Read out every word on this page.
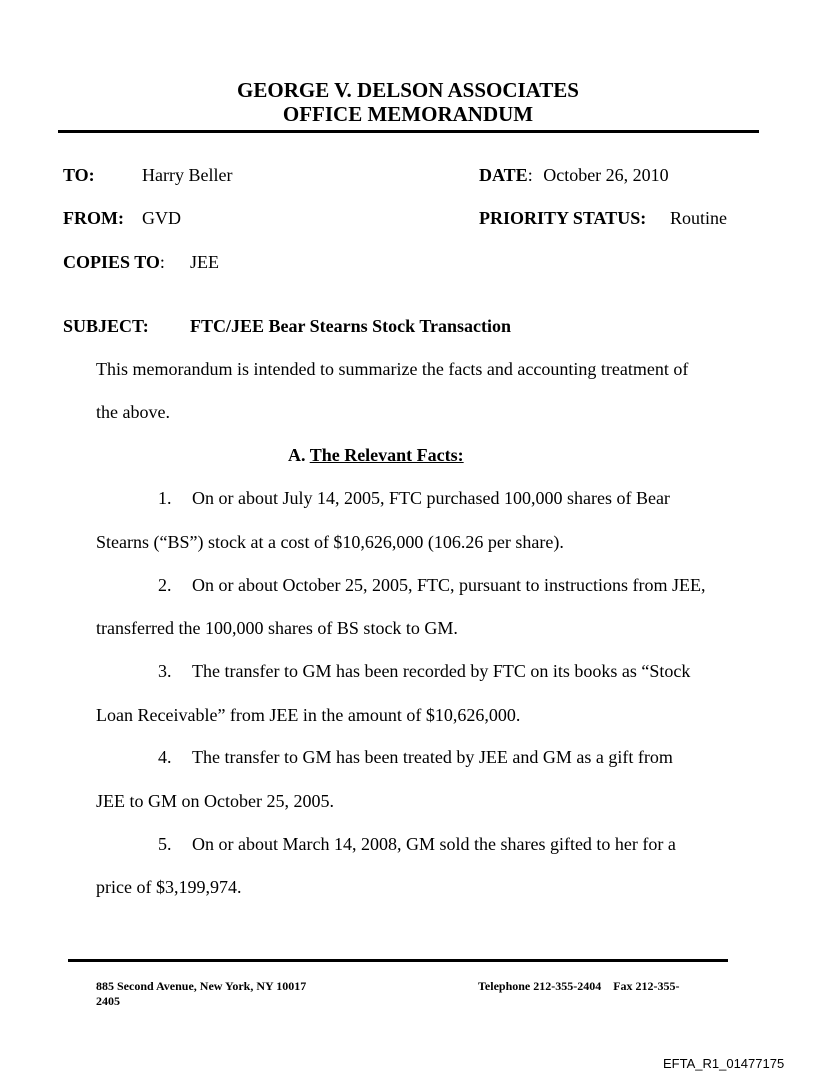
GEORGE V. DELSON ASSOCIATES
OFFICE MEMORANDUM
TO:	Harry Beller	DATE: October 26, 2010
FROM: GVD	PRIORITY STATUS: Routine
COPIES TO: JEE
SUBJECT: FTC/JEE Bear Stearns Stock Transaction
This memorandum is intended to summarize the facts and accounting treatment of
the above.
A. The Relevant Facts:
1. On or about July 14, 2005, FTC purchased 100,000 shares of Bear
Stearns (“BS”) stock at a cost of $10,626,000 (106.26 per share).
2. On or about October 25, 2005, FTC, pursuant to instructions from JEE,
transferred the 100,000 shares of BS stock to GM.
3. The transfer to GM has been recorded by FTC on its books as “Stock
Loan Receivable” from JEE in the amount of $10,626,000.
4. The transfer to GM has been treated by JEE and GM as a gift from
JEE to GM on October 25, 2005.
5. On or about March 14, 2008, GM sold the shares gifted to her for a
price of $3,199,974.
885 Second Avenue, New York, NY 10017	Telephone 212-355-2404    Fax 212-355-
2405
EFTA_R1_01477175
